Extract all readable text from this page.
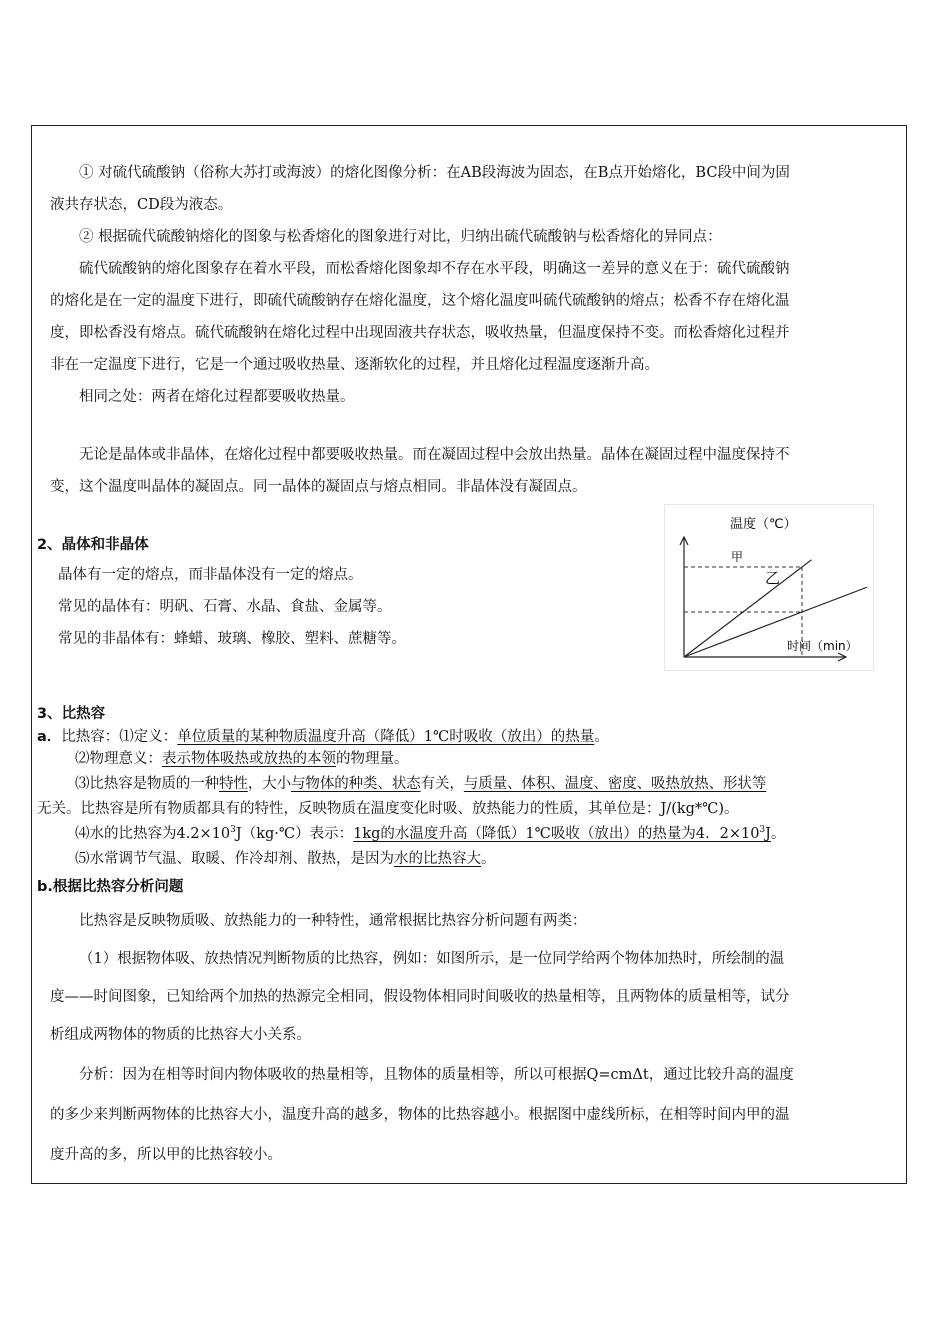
① 对硫代硫酸钠（俗称大苏打或海波）的熔化图像分析：在AB段海波为固态，在B点开始熔化，BC段中间为固

液共存状态，CD段为液态。

② 根据硫代硫酸钠熔化的图象与松香熔化的图象进行对比，归纳出硫代硫酸钠与松香熔化的异同点：

硫代硫酸钠的熔化图象存在着水平段，而松香熔化图象却不存在水平段，明确这一差异的意义在于：硫代硫酸钠

的熔化是在一定的温度下进行，即硫代硫酸钠存在熔化温度，这个熔化温度叫硫代硫酸钠的熔点；松香不存在熔化温

度，即松香没有熔点。硫代硫酸钠在熔化过程中出现固液共存状态，吸收热量，但温度保持不变。而松香熔化过程并

非在一定温度下进行，它是一个通过吸收热量、逐渐软化的过程，并且熔化过程温度逐渐升高。

相同之处：两者在熔化过程都要吸收热量。

无论是晶体或非晶体，在熔化过程中都要吸收热量。而在凝固过程中会放出热量。晶体在凝固过程中温度保持不

变，这个温度叫晶体的凝固点。同一晶体的凝固点与熔点相同。非晶体没有凝固点。

2、晶体和非晶体

晶体有一定的熔点，而非晶体没有一定的熔点。

常见的晶体有：明矾、石膏、水晶、食盐、金属等。

常见的非晶体有：蜂蜡、玻璃、橡胶、塑料、蔗糖等。

温度（℃）
时间（min）
甲
乙

3、比热容

a．比热容：⑴定义：单位质量的某种物质温度升高（降低）1℃时吸收（放出）的热量。

⑵物理意义：表示物体吸热或放热的本领的物理量。

⑶比热容是物质的一种特性，大小与物体的种类、状态有关，与质量、体积、温度、密度、吸热放热、形状等

无关。比热容是所有物质都具有的特性，反映物质在温度变化时吸、放热能力的性质，其单位是：J/(kg*℃)。

⑷水的比热容为$4.2\times 10^3J(kg\cdot℃)$表示：1kg的水温度升高（降低）1℃吸收（放出）的热量为4．$2\times 10^3J$。

⑸水常调节气温、取暖、作冷却剂、散热，是因为水的比热容大。

b.根据比热容分析问题

比热容是反映物质吸、放热能力的一种特性，通常根据比热容分析问题有两类：

（1）根据物体吸、放热情况判断物质的比热容，例如：如图所示，是一位同学给两个物体加热时，所绘制的温

度——时间图象，已知给两个加热的热源完全相同，假设物体相同时间吸收的热量相等，且两物体的质量相等，试分

析组成两物体的物质的比热容大小关系。

分析：因为在相等时间内物体吸收的热量相等，且物体的质量相等，所以可根据Q=cmΔt，通过比较升高的温度

的多少来判断两物体的比热容大小，温度升高的越多，物体的比热容越小。根据图中虚线所标，在相等时间内甲的温

度升高的多，所以甲的比热容较小。
